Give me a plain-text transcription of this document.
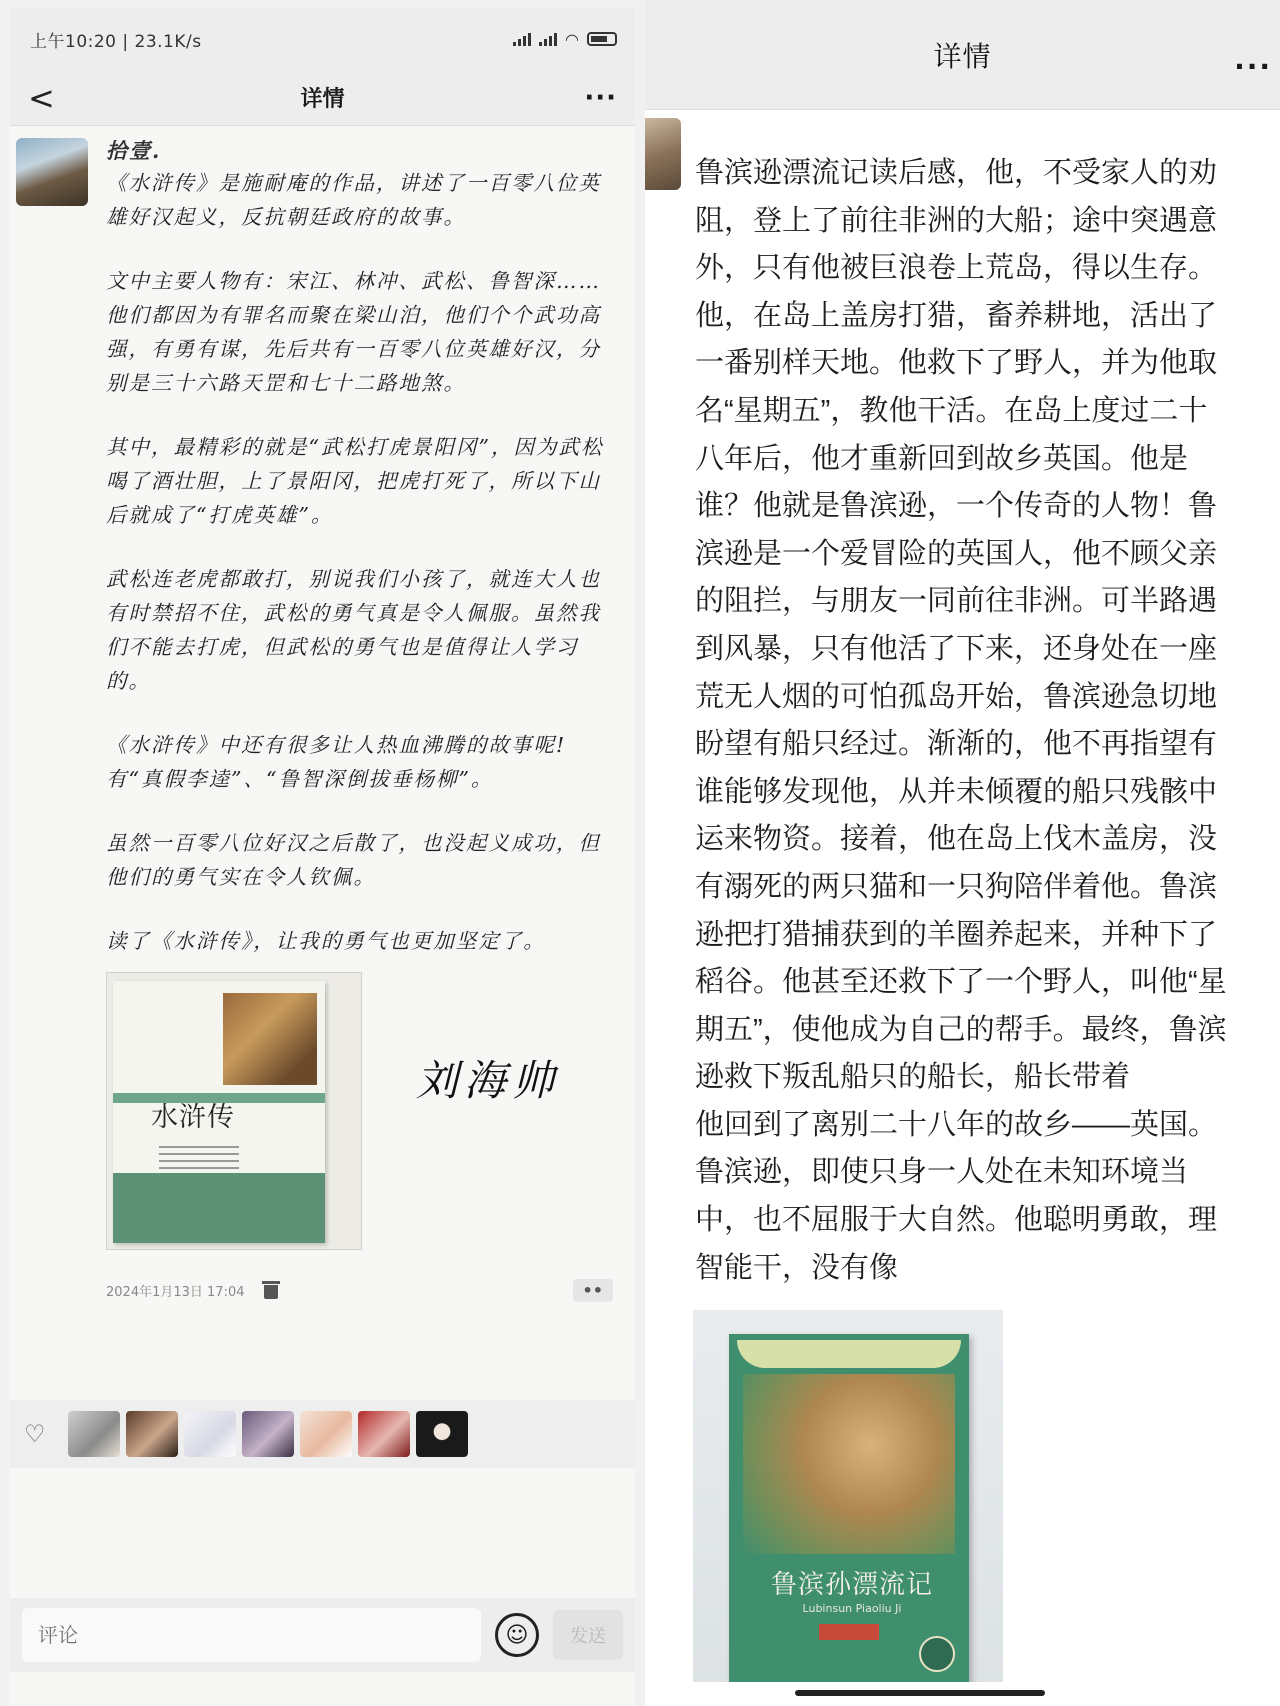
上午10:20 | 23.1K/s	◠
<	详情	···
拾壹.

《水浒传》是施耐庵的作品，讲述了一百零八位英雄好汉起义，反抗朝廷政府的故事。

文中主要人物有：宋江、林冲、武松、鲁智深……他们都因为有罪名而聚在梁山泊，他们个个武功高强，有勇有谋，先后共有一百零八位英雄好汉，分别是三十六路天罡和七十二路地煞。

其中，最精彩的就是“武松打虎景阳冈”，因为武松喝了酒壮胆，上了景阳冈，把虎打死了，所以下山后就成了“打虎英雄”。

武松连老虎都敢打，别说我们小孩了，就连大人也有时禁招不住，武松的勇气真是令人佩服。虽然我们不能去打虎，但武松的勇气也是值得让人学习的。

《水浒传》中还有很多让人热血沸腾的故事呢!有“真假李逵”、“鲁智深倒拔垂杨柳”。

虽然一百零八位好汉之后散了，也没起义成功，但他们的勇气实在令人钦佩。

读了《水浒传》，让我的勇气也更加坚定了。

水浒传
刘海帅
2024年1月13日 17:04	••
♡
评论
☺	发送
详情	···
鲁滨逊漂流记读后感，他，不受家人的劝
阻，登上了前往非洲的大船；途中突遇意
外，只有他被巨浪卷上荒岛，得以生存。
他，在岛上盖房打猎，畜养耕地，活出了
一番别样天地。他救下了野人，并为他取
名“星期五”，教他干活。在岛上度过二十
八年后，他才重新回到故乡英国。他是
谁？他就是鲁滨逊，一个传奇的人物！鲁
滨逊是一个爱冒险的英国人，他不顾父亲
的阻拦，与朋友一同前往非洲。可半路遇
到风暴，只有他活了下来，还身处在一座
荒无人烟的可怕孤岛开始，鲁滨逊急切地
盼望有船只经过。渐渐的，他不再指望有
谁能够发现他，从并未倾覆的船只残骸中
运来物资。接着，他在岛上伐木盖房，没
有溺死的两只猫和一只狗陪伴着他。鲁滨
逊把打猎捕获到的羊圈养起来，并种下了
稻谷。他甚至还救下了一个野人，叫他“星
期五”，使他成为自己的帮手。最终，鲁滨
逊救下叛乱船只的船长，船长带着
他回到了离别二十八年的故乡——英国。
鲁滨逊，即使只身一人处在未知环境当
中，也不屈服于大自然。他聪明勇敢，理
智能干，没有像
鲁滨孙漂流记
Lubinsun Piaoliu Ji
